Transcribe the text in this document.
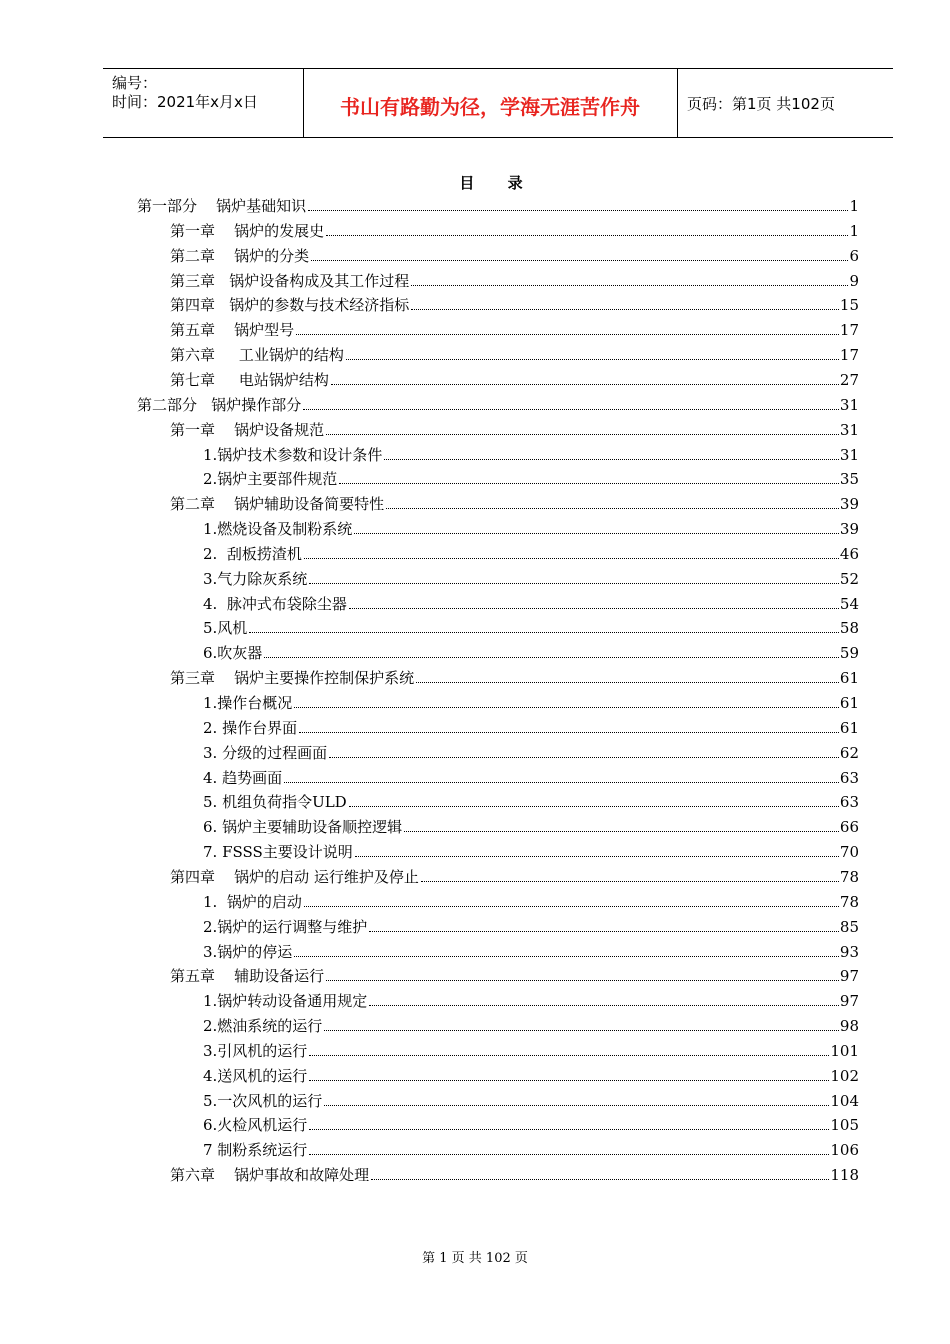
编号：
时间：2021年x月x日	书山有路勤为径，学海无涯苦作舟	页码：第1页 共102页
目 录
第一部分    锅炉基础知识	1
第一章    锅炉的发展史	1
第二章    锅炉的分类	6
第三章   锅炉设备构成及其工作过程	9
第四章   锅炉的参数与技术经济指标	15
第五章    锅炉型号	17
第六章     工业锅炉的结构	17
第七章     电站锅炉结构	27
第二部分   锅炉操作部分	31
第一章    锅炉设备规范	31
1.锅炉技术参数和设计条件	31
2.锅炉主要部件规范	35
第二章    锅炉辅助设备简要特性	39
1.燃烧设备及制粉系统	39
2.  刮板捞渣机	46
3.气力除灰系统	52
4.  脉冲式布袋除尘器	54
5.风机	58
6.吹灰器	59
第三章    锅炉主要操作控制保护系统	61
1.操作台概况	61
2. 操作台界面	61
3. 分级的过程画面	62
4. 趋势画面	63
5. 机组负荷指令ULD	63
6. 锅炉主要辅助设备顺控逻辑	66
7. FSSS主要设计说明	70
第四章    锅炉的启动 运行维护及停止	78
1.  锅炉的启动	78
2.锅炉的运行调整与维护	85
3.锅炉的停运	93
第五章    辅助设备运行	97
1.锅炉转动设备通用规定	97
2.燃油系统的运行	98
3.引风机的运行	101
4.送风机的运行	102
5.一次风机的运行	104
6.火检风机运行	105
7 制粉系统运行	106
第六章    锅炉事故和故障处理	118
第 1 页 共 102 页
